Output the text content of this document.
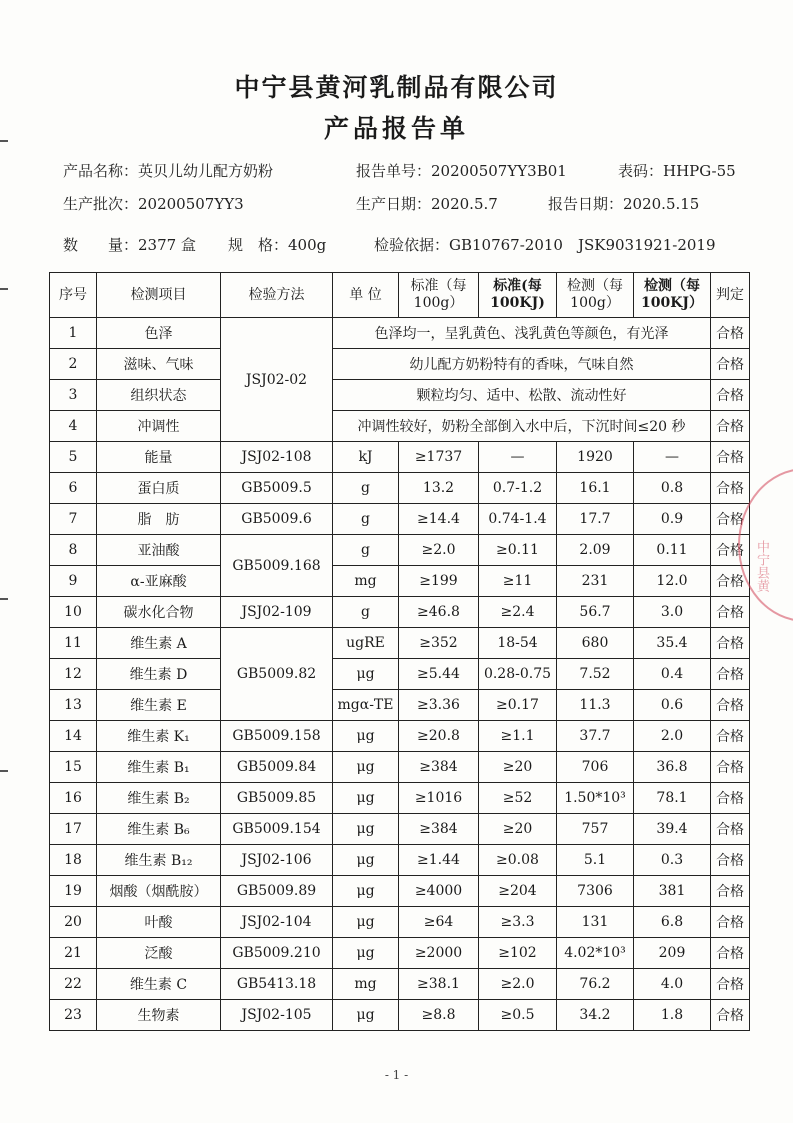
中宁县黄河乳制品有限公司
产品报告单
产品名称：英贝儿幼儿配方奶粉	报告单号：20200507YY3B01	表码：HHPG-55
生产批次：20200507YY3	生产日期：2020.5.7	报告日期：2020.5.15
数　　量：2377 盒 规　格：400g	检验依据：GB10767-2010　JSK9031921-2019
序号	检测项目	检验方法	单 位	标准（每100g）	标准(每100KJ)	检测（每100g）	检测（每100KJ）	判定
1	色泽	JSJ02-02	色泽均一，呈乳黄色、浅乳黄色等颜色，有光泽					合格
2	滋味、气味		幼儿配方奶粉特有的香味，气味自然					合格
3	组织状态		颗粒均匀、适中、松散、流动性好					合格
4	冲调性		冲调性较好，奶粉全部倒入水中后，下沉时间≤20 秒					合格
5	能量	JSJ02-108	kJ	≥1737	—	1920	—	合格
6	蛋白质	GB5009.5	g	13.2	0.7-1.2	16.1	0.8	合格
7	脂　肪	GB5009.6	g	≥14.4	0.74-1.4	17.7	0.9	合格
8	亚油酸	GB5009.168	g	≥2.0	≥0.11	2.09	0.11	合格
9	α-亚麻酸		mg	≥199	≥11	231	12.0	合格
10	碳水化合物	JSJ02-109	g	≥46.8	≥2.4	56.7	3.0	合格
11	维生素 A	GB5009.82	ugRE	≥352	18-54	680	35.4	合格
12	维生素 D		μg	≥5.44	0.28-0.75	7.52	0.4	合格
13	维生素 E		mgα-TE	≥3.36	≥0.17	11.3	0.6	合格
14	维生素 K₁	GB5009.158	μg	≥20.8	≥1.1	37.7	2.0	合格
15	维生素 B₁	GB5009.84	μg	≥384	≥20	706	36.8	合格
16	维生素 B₂	GB5009.85	μg	≥1016	≥52	1.50*10³	78.1	合格
17	维生素 B₆	GB5009.154	μg	≥384	≥20	757	39.4	合格
18	维生素 B₁₂	JSJ02-106	μg	≥1.44	≥0.08	5.1	0.3	合格
19	烟酸（烟酰胺）	GB5009.89	μg	≥4000	≥204	7306	381	合格
20	叶酸	JSJ02-104	μg	≥64	≥3.3	131	6.8	合格
21	泛酸	GB5009.210	μg	≥2000	≥102	4.02*10³	209	合格
22	维生素 C	GB5413.18	mg	≥38.1	≥2.0	76.2	4.0	合格
23	生物素	JSJ02-105	μg	≥8.8	≥0.5	34.2	1.8	合格
中宁县黄
- 1 -
